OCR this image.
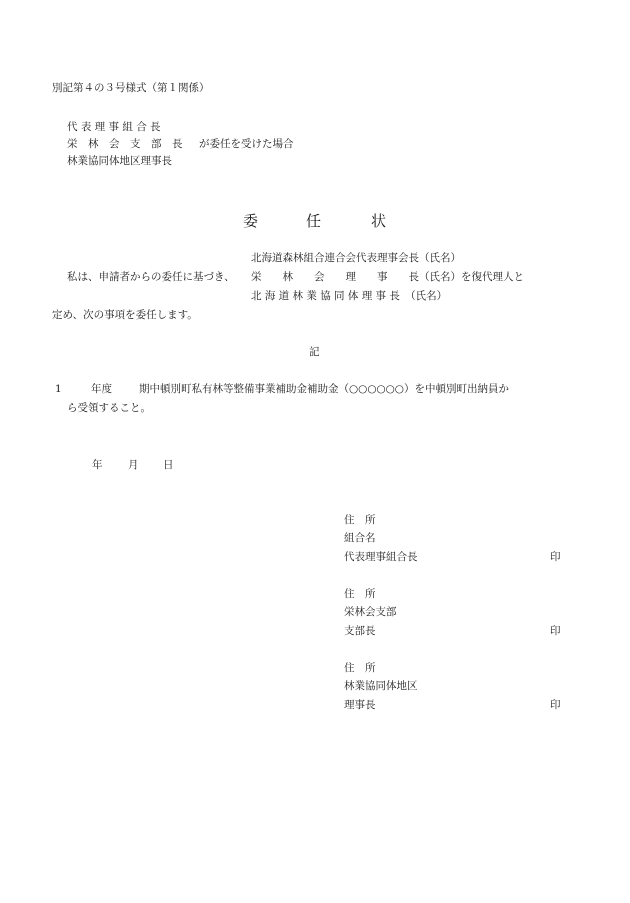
別記第４の３号様式（第１関係）
代 表 理 事 組 合 長
栄　林　会　支　部　長 が委任を受けた場合
林業協同体地区理事長
委	任	状
北海道森林組合連合会代表理事会長（氏名）
私は、申請者からの委任に基づき、 栄　　林　　会　　理　　事　　長（氏名）を復代理人と
北 海 道 林 業 協 同 体 理 事 長　（氏名）
定め、次の事項を委任します。
記
1	年度	期中頓別町私有林等整備事業補助金補助金（○○○○○○）を中頓別町出納員か
ら受領すること。
年 月 日
住　所
組合名
代表理事組合長	印
住　所
栄林会支部
支部長	印
住　所
林業協同体地区
理事長	印
